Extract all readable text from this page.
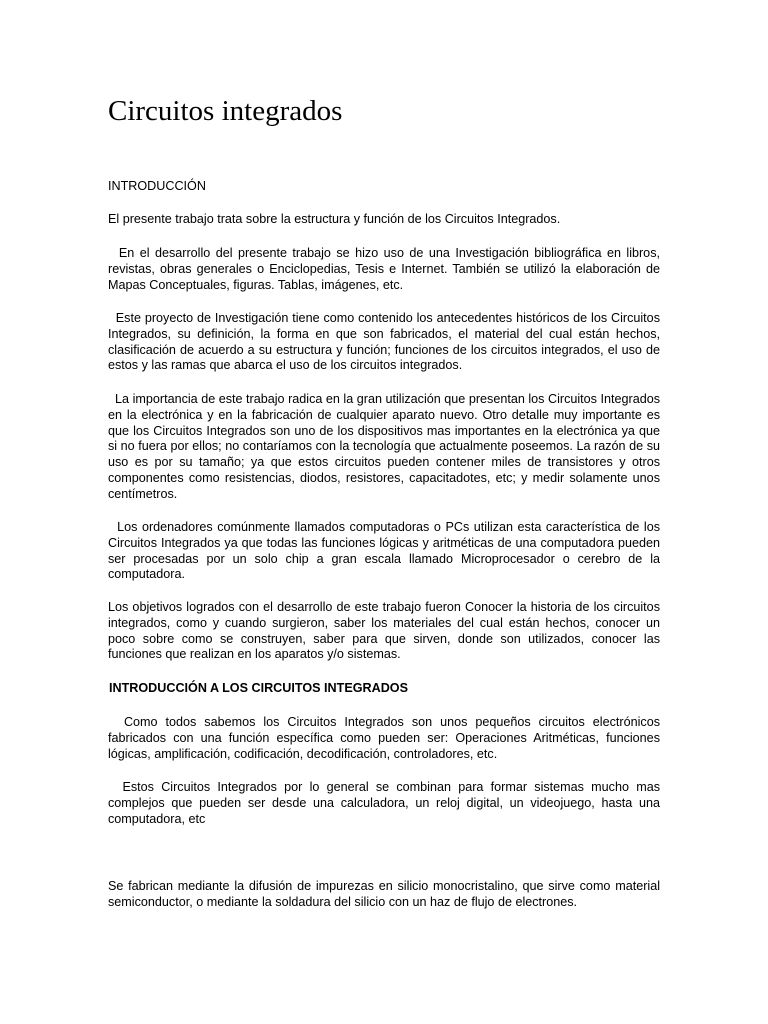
Circuitos integrados

INTRODUCCIÓN

El presente trabajo trata sobre la estructura y función de los Circuitos Integrados.

En el desarrollo del presente trabajo se hizo uso de una Investigación bibliográfica en libros, revistas, obras generales o Enciclopedias, Tesis e Internet. También se utilizó la elaboración de Mapas Conceptuales, figuras. Tablas, imágenes, etc.

Este proyecto de Investigación tiene como contenido los antecedentes históricos de los Circuitos Integrados, su definición, la forma en que son fabricados, el material del cual están hechos, clasificación de acuerdo a su estructura y función; funciones de los circuitos integrados, el uso de estos y las ramas que abarca el uso de los circuitos integrados.

La importancia de este trabajo radica en la gran utilización que presentan los Circuitos Integrados en la electrónica y en la fabricación de cualquier aparato nuevo. Otro detalle muy importante es que los Circuitos Integrados son uno de los dispositivos mas importantes en la electrónica ya que si no fuera por ellos; no contaríamos con la tecnología que actualmente poseemos. La razón de su uso es por su tamaño; ya que estos circuitos pueden contener miles de transistores y otros componentes como resistencias, diodos, resistores, capacitadotes, etc; y medir solamente unos centímetros.

Los ordenadores comúnmente llamados computadoras o PCs utilizan esta característica de los Circuitos Integrados ya que todas las funciones lógicas y aritméticas de una computadora pueden ser procesadas por un solo chip a gran escala llamado Microprocesador o cerebro de la computadora.

Los objetivos logrados con el desarrollo de este trabajo fueron Conocer la historia de los circuitos integrados, como y cuando surgieron, saber los materiales del cual están hechos, conocer un poco sobre como se construyen, saber para que sirven, donde son utilizados, conocer las funciones que realizan en los aparatos y/o sistemas.

INTRODUCCIÓN A LOS CIRCUITOS INTEGRADOS

Como todos sabemos los Circuitos Integrados son unos pequeños circuitos electrónicos fabricados con una función específica como pueden ser: Operaciones Aritméticas, funciones lógicas, amplificación, codificación, decodificación, controladores, etc.

Estos Circuitos Integrados por lo general se combinan para formar sistemas mucho mas complejos que pueden ser desde una calculadora, un reloj digital, un videojuego, hasta una computadora, etc

Se fabrican mediante la difusión de impurezas en silicio monocristalino, que sirve como material semiconductor, o mediante la soldadura del silicio con un haz de flujo de electrones.
